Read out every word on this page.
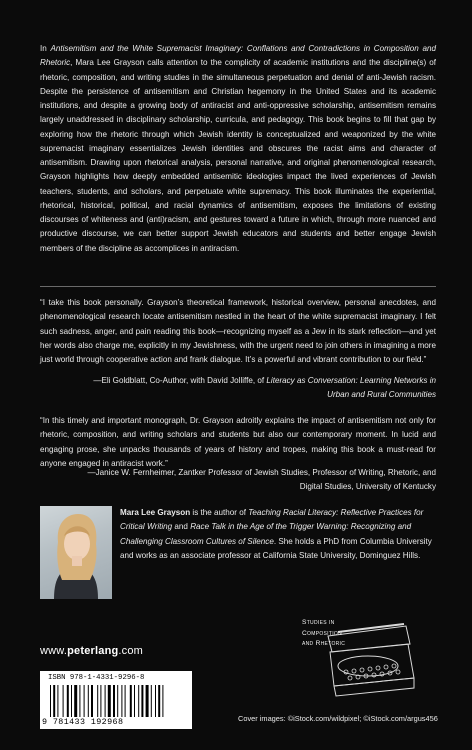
In Antisemitism and the White Supremacist Imaginary: Conflations and Contradictions in Composition and Rhetoric, Mara Lee Grayson calls attention to the complicity of academic institutions and the discipline(s) of rhetoric, composition, and writing studies in the simultaneous perpetuation and denial of anti-Jewish racism. Despite the persistence of antisemitism and Christian hegemony in the United States and its academic institutions, and despite a growing body of antiracist and anti-oppressive scholarship, antisemitism remains largely unaddressed in disciplinary scholarship, curricula, and pedagogy. This book begins to fill that gap by exploring how the rhetoric through which Jewish identity is conceptualized and weaponized by the white supremacist imaginary essentializes Jewish identities and obscures the racist aims and character of antisemitism. Drawing upon rhetorical analysis, personal narrative, and original phenomenological research, Grayson highlights how deeply embedded antisemitic ideologies impact the lived experiences of Jewish teachers, students, and scholars, and perpetuate white supremacy. This book illuminates the experiential, rhetorical, historical, political, and racial dynamics of antisemitism, exposes the limitations of existing discourses of whiteness and (anti)racism, and gestures toward a future in which, through more nuanced and productive discourse, we can better support Jewish educators and students and better engage Jewish members of the discipline as accomplices in antiracism.

“I take this book personally. Grayson’s theoretical framework, historical overview, personal anecdotes, and phenomenological research locate antisemitism nestled in the heart of the white supremacist imaginary. I felt such sadness, anger, and pain reading this book—recognizing myself as a Jew in its stark reflection—and yet her words also charge me, explicitly in my Jewishness, with the urgent need to join others in imagining a more just world through cooperative action and frank dialogue. It’s a powerful and vibrant contribution to our field.”

—Eli Goldblatt, Co-Author, with David Jolliffe, of Literacy as Conversation: Learning Networks in Urban and Rural Communities

“In this timely and important monograph, Dr. Grayson adroitly explains the impact of antisemitism not only for rhetoric, composition, and writing scholars and students but also our contemporary moment. In lucid and engaging prose, she unpacks thousands of years of history and tropes, making this book a must-read for anyone engaged in antiracist work.”

—Janice W. Fernheimer, Zantker Professor of Jewish Studies, Professor of Writing, Rhetoric, and Digital Studies, University of Kentucky

Mara Lee Grayson is the author of Teaching Racial Literacy: Reflective Practices for Critical Writing and Race Talk in the Age of the Trigger Warning: Recognizing and Challenging Classroom Cultures of Silence. She holds a PhD from Columbia University and works as an associate professor at California State University, Dominguez Hills.

www.peterlang.com
ISBN 978-1-4331-9296-8
9 781433 192968
Studies in
Composition
and Rhetoric
Cover images: ©iStock.com/wildpixel; ©iStock.com/argus456
